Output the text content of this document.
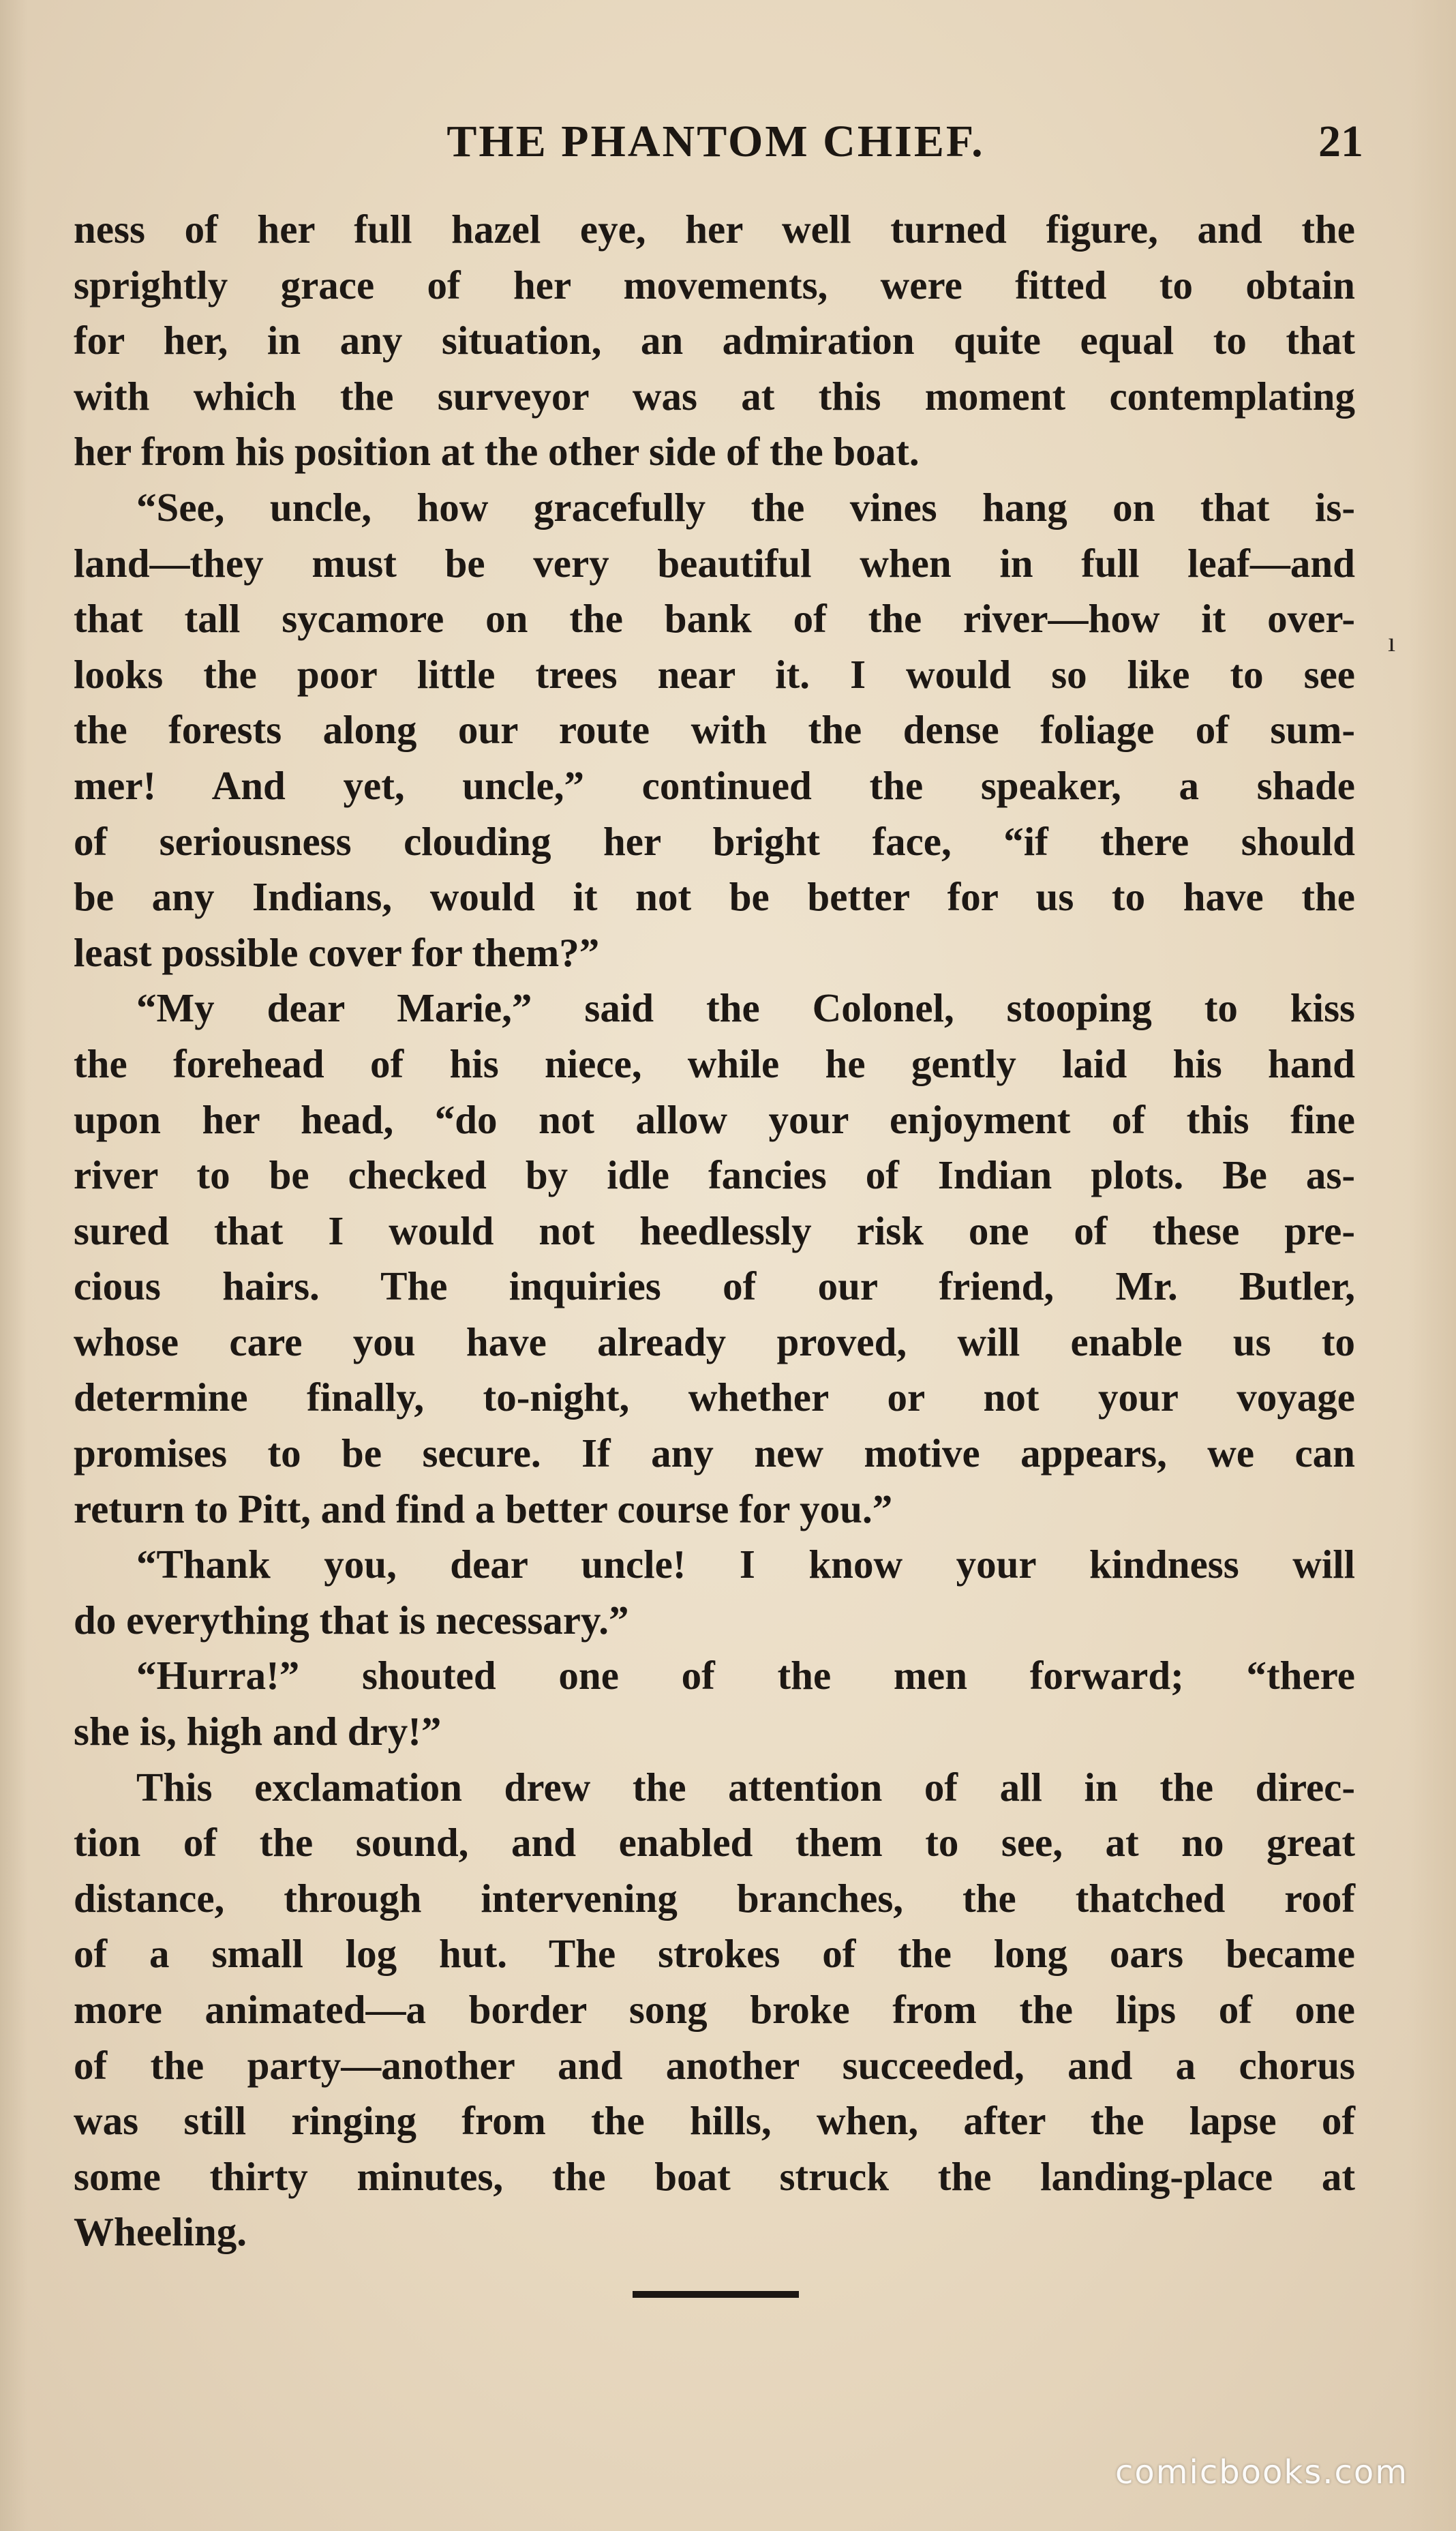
THE PHANTOM CHIEF.	21
ness of her full hazel eye, her well turned figure, and the
sprightly grace of her movements, were fitted to obtain
for her, in any situation, an admiration quite equal to that
with which the surveyor was at this moment contemplating
her from his position at the other side of the boat.
“See, uncle, how gracefully the vines hang on that is-
land—they must be very beautiful when in full leaf—and
that tall sycamore on the bank of the river—how it over-
looks the poor little trees near it. I would so like to see
the forests along our route with the dense foliage of sum-
mer! And yet, uncle,” continued the speaker, a shade
of seriousness clouding her bright face, “if there should
be any Indians, would it not be better for us to have the
least possible cover for them?”
“My dear Marie,” said the Colonel, stooping to kiss
the forehead of his niece, while he gently laid his hand
upon her head, “do not allow your enjoyment of this fine
river to be checked by idle fancies of Indian plots. Be as-
sured that I would not heedlessly risk one of these pre-
cious hairs. The inquiries of our friend, Mr. Butler,
whose care you have already proved, will enable us to
determine finally, to-night, whether or not your voyage
promises to be secure. If any new motive appears, we can
return to Pitt, and find a better course for you.”
“Thank you, dear uncle! I know your kindness will
do everything that is necessary.”
“Hurra!” shouted one of the men forward; “there
she is, high and dry!”
This exclamation drew the attention of all in the direc-
tion of the sound, and enabled them to see, at no great
distance, through intervening branches, the thatched roof
of a small log hut. The strokes of the long oars became
more animated—a border song broke from the lips of one
of the party—another and another succeeded, and a chorus
was still ringing from the hills, when, after the lapse of
some thirty minutes, the boat struck the landing-place at
Wheeling.
ı
comicbooks.com
